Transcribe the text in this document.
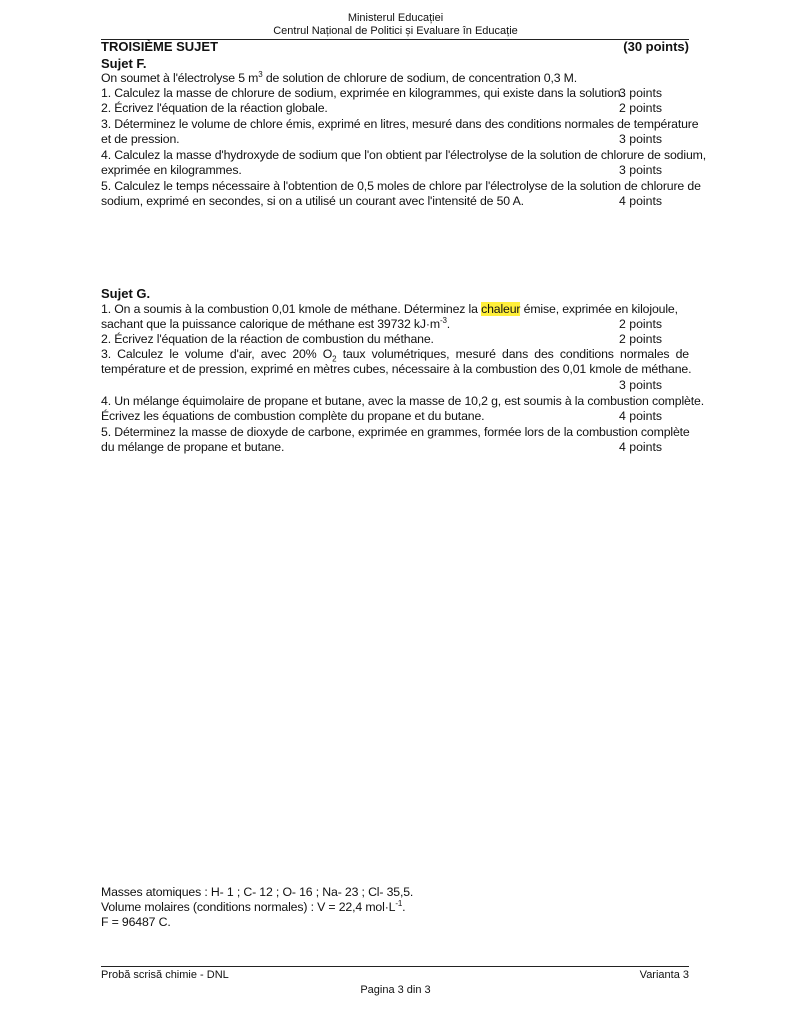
Ministerul Educației
Centrul Național de Politici și Evaluare în Educație
TROISIÈME SUJET	(30 points)
Sujet F.
On soumet à l'électrolyse 5 $m^3$ de solution de chlorure de sodium, de concentration 0,3 M.
1. Calculez la masse de chlorure de sodium, exprimée en kilogrammes, qui existe dans la solution.
3 points
2. Écrivez l'équation de la réaction globale.	2 points
3. Déterminez le volume de chlore émis, exprimé en litres, mesuré dans des conditions normales de température
et de pression.	3 points
4. Calculez la masse d'hydroxyde de sodium que l'on obtient par l'électrolyse de la solution de chlorure de sodium,
exprimée en kilogrammes.	3 points
5. Calculez le temps nécessaire à l'obtention de 0,5 moles de chlore par l'électrolyse de la solution de chlorure de
sodium, exprimé en secondes, si on a utilisé un courant avec l'intensité de 50 A.	4 points
Sujet G.
1. On a soumis à la combustion 0,01 kmole de méthane. Déterminez la chaleur émise, exprimée en kilojoule,
sachant que la puissance calorique de méthane est 39732 $kJ\cdot m^{-3}$.	2 points
2. Écrivez l'équation de la réaction de combustion du méthane.	2 points
3. Calculez le volume d'air, avec 20% $O_2$ taux volumétriques, mesuré dans des conditions normales de
température et de pression, exprimé en mètres cubes, nécessaire à la combustion des 0,01 kmole de méthane.
3 points
4. Un mélange équimolaire de propane et butane, avec la masse de 10,2 g, est soumis à la combustion complète.
Écrivez les équations de combustion complète du propane et du butane.	4 points
5. Déterminez la masse de dioxyde de carbone, exprimée en grammes, formée lors de la combustion complète
du mélange de propane et butane.	4 points
Masses atomiques : H- 1 ; C- 12 ; O- 16 ; Na- 23 ; Cl- 35,5.
Volume molaires (conditions normales) : V = 22,4 $mol\cdot L^{-1}$.
F = 96487 C.
Probă scrisă chimie - DNL	Varianta 3
Pagina 3 din 3
